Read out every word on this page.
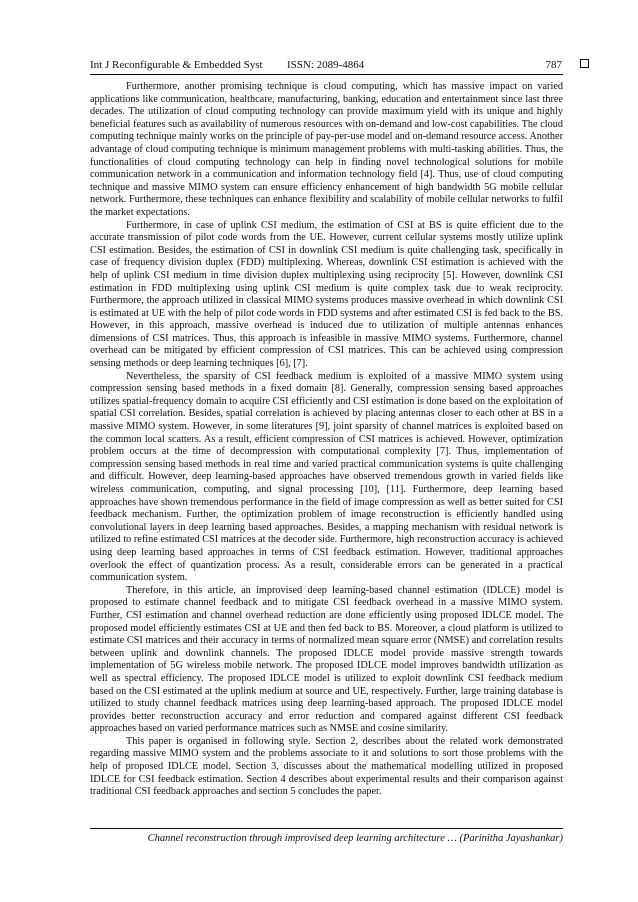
Int J Reconfigurable & Embedded Syst ISSN: 2089-4864	787

Furthermore, another promising technique is cloud computing, which has massive impact on varied applications like communication, healthcare, manufacturing, banking, education and entertainment since last three decades. The utilization of cloud computing technology can provide maximum yield with its unique and highly beneficial features such as availability of numerous resources with on-demand and low-cost capabilities. The cloud computing technique mainly works on the principle of pay-per-use model and on-demand resource access. Another advantage of cloud computing technique is minimum management problems with multi-tasking abilities. Thus, the functionalities of cloud computing technology can help in finding novel technological solutions for mobile communication network in a communication and information technology field [4]. Thus, use of cloud computing technique and massive MIMO system can ensure efficiency enhancement of high bandwidth 5G mobile cellular network. Furthermore, these techniques can enhance flexibility and scalability of mobile cellular networks to fulfil the market expectations.

Furthermore, in case of uplink CSI medium, the estimation of CSI at BS is quite efficient due to the accurate transmission of pilot code words from the UE. However, current cellular systems mostly utilize uplink CSI estimation. Besides, the estimation of CSI in downlink CSI medium is quite challenging task, specifically in case of frequency division duplex (FDD) multiplexing. Whereas, downlink CSI estimation is achieved with the help of uplink CSI medium in time division duplex multiplexing using reciprocity [5]. However, downlink CSI estimation in FDD multiplexing using uplink CSI medium is quite complex task due to weak reciprocity. Furthermore, the approach utilized in classical MIMO systems produces massive overhead in which downlink CSI is estimated at UE with the help of pilot code words in FDD systems and after estimated CSI is fed back to the BS. However, in this approach, massive overhead is induced due to utilization of multiple antennas enhances dimensions of CSI matrices. Thus, this approach is infeasible in massive MIMO systems. Furthermore, channel overhead can be mitigated by efficient compression of CSI matrices. This can be achieved using compression sensing methods or deep learning techniques [6], [7].

Nevertheless, the sparsity of CSI feedback medium is exploited of a massive MIMO system using compression sensing based methods in a fixed domain [8]. Generally, compression sensing based approaches utilizes spatial-frequency domain to acquire CSI efficiently and CSI estimation is done based on the exploitation of spatial CSI correlation. Besides, spatial correlation is achieved by placing antennas closer to each other at BS in a massive MIMO system. However, in some literatures [9], joint sparsity of channel matrices is exploited based on the common local scatters. As a result, efficient compression of CSI matrices is achieved. However, optimization problem occurs at the time of decompression with computational complexity [7]. Thus, implementation of compression sensing based methods in real time and varied practical communication systems is quite challenging and difficult. However, deep learning-based approaches have observed tremendous growth in varied fields like wireless communication, computing, and signal processing [10], [11]. Furthermore, deep learning based approaches have shown tremendous performance in the field of image compression as well as better suited for CSI feedback mechanism. Further, the optimization problem of image reconstruction is efficiently handled using convolutional layers in deep learning based approaches. Besides, a mapping mechanism with residual network is utilized to refine estimated CSI matrices at the decoder side. Furthermore, high reconstruction accuracy is achieved using deep learning based approaches in terms of CSI feedback estimation. However, traditional approaches overlook the effect of quantization process. As a result, considerable errors can be generated in a practical communication system.

Therefore, in this article, an improvised deep learning-based channel estimation (IDLCE) model is proposed to estimate channel feedback and to mitigate CSI feedback overhead in a massive MIMO system. Further, CSI estimation and channel overhead reduction are done efficiently using proposed IDLCE model. The proposed model efficiently estimates CSI at UE and then fed back to BS. Moreover, a cloud platform is utilized to estimate CSI matrices and their accuracy in terms of normalized mean square error (NMSE) and correlation results between uplink and downlink channels. The proposed IDLCE model provide massive strength towards implementation of 5G wireless mobile network. The proposed IDLCE model improves bandwidth utilization as well as spectral efficiency. The proposed IDLCE model is utilized to exploit downlink CSI feedback medium based on the CSI estimated at the uplink medium at source and UE, respectively. Further, large training database is utilized to study channel feedback matrices using deep learning-based approach. The proposed IDLCE model provides better reconstruction accuracy and error reduction and compared against different CSI feedback approaches based on varied performance matrices such as NMSE and cosine similarity.

This paper is organised in following style. Section 2, describes about the related work demonstrated regarding massive MIMO system and the problems associate to it and solutions to sort those problems with the help of proposed IDLCE model. Section 3, discusses about the mathematical modelling utilized in proposed IDLCE for CSI feedback estimation. Section 4 describes about experimental results and their comparison against traditional CSI feedback approaches and section 5 concludes the paper.

Channel reconstruction through improvised deep learning architecture … (Parinitha Jayashankar)
